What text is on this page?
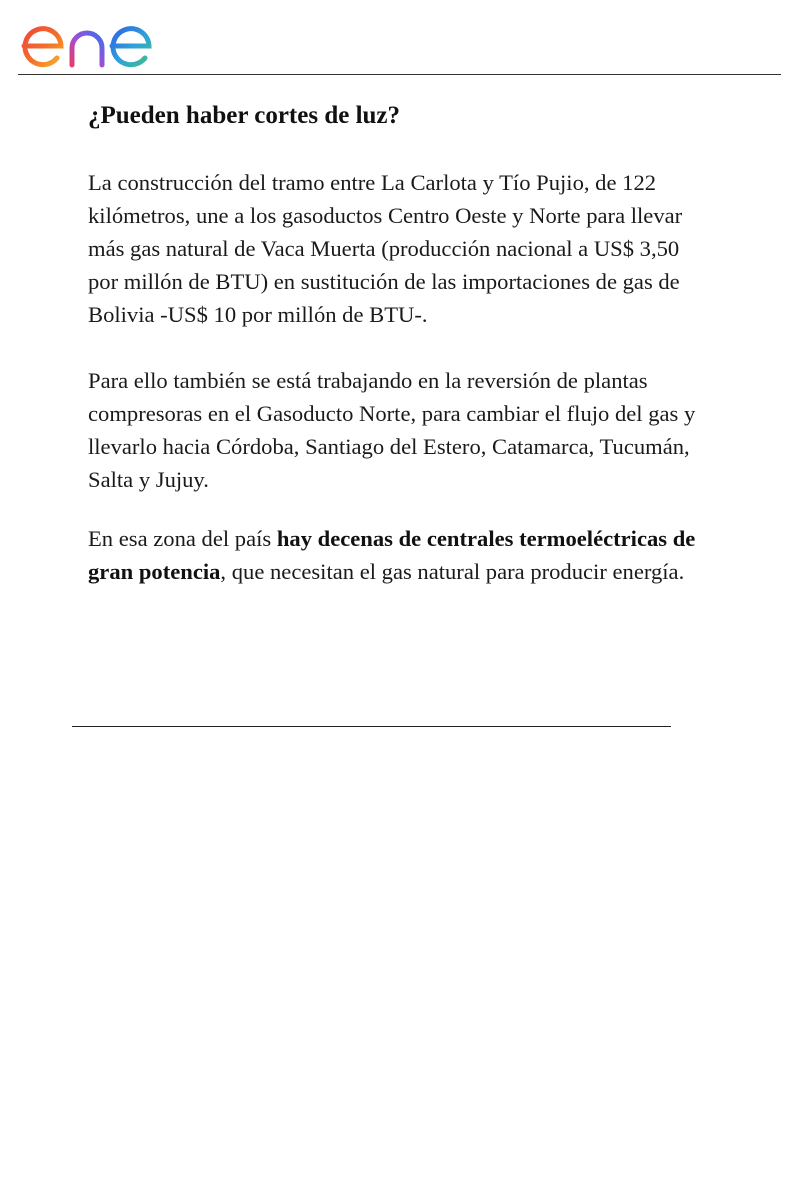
¿Pueden haber cortes de luz?

La construcción del tramo entre La Carlota y Tío Pujio, de 122 kilómetros, une a los gasoductos Centro Oeste y Norte para llevar más gas natural de Vaca Muerta (producción nacional a US$ 3,50 por millón de BTU) en sustitución de las importaciones de gas de Bolivia -US$ 10 por millón de BTU-.

Para ello también se está trabajando en la reversión de plantas compresoras en el Gasoducto Norte, para cambiar el flujo del gas y llevarlo hacia Córdoba, Santiago del Estero, Catamarca, Tucumán, Salta y Jujuy.

En esa zona del país hay decenas de centrales termoeléctricas de gran potencia, que necesitan el gas natural para producir energía.
